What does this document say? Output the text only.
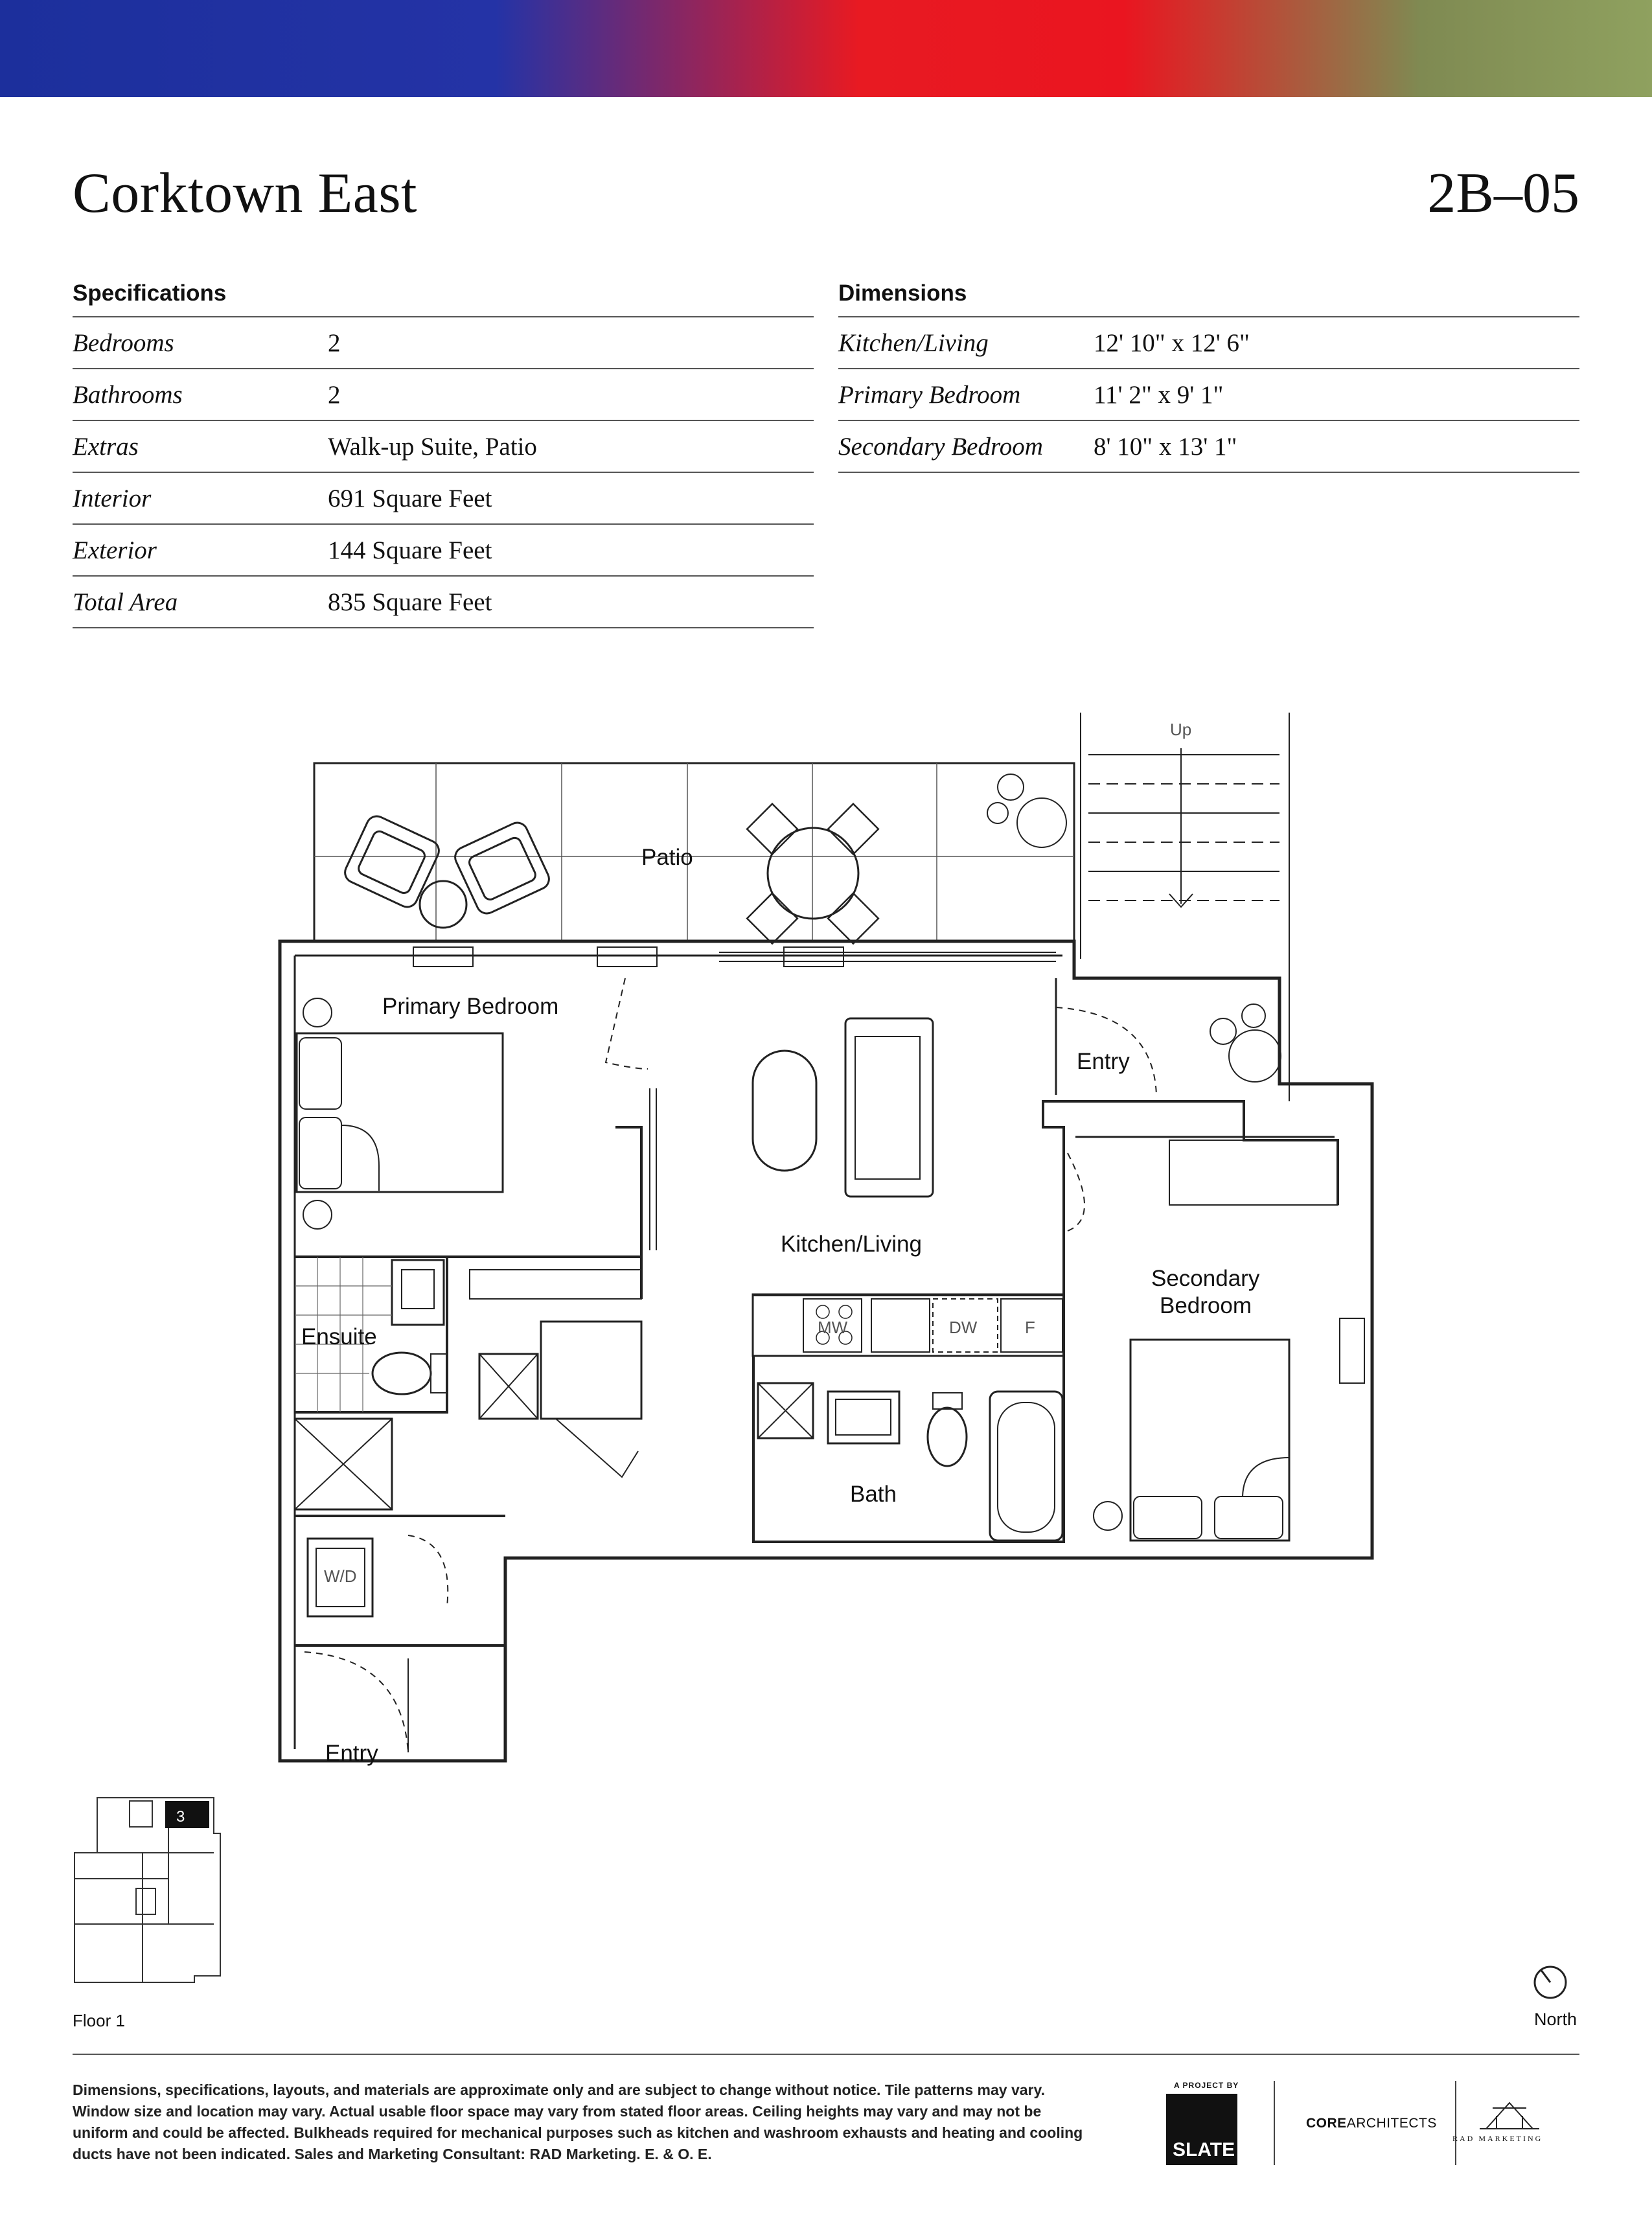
Corktown East	2B–05
Specifications
Bedrooms	2
Bathrooms	2
Extras	Walk-up Suite, Patio
Interior	691 Square Feet
Exterior	144 Square Feet
Total Area	835 Square Feet
Dimensions
Kitchen/Living	12' 10" x 12' 6"
Primary Bedroom	11' 2" x 9' 1"
Secondary Bedroom	8' 10" x 13' 1"
Patio
Up
Primary Bedroom
Entry
Kitchen/Living
Secondary
Bedroom
Ensuite
Bath
Entry
MW	DW	F
W/D
3
Floor 1	North
Dimensions, specifications, layouts, and materials are approximate only and are subject to change without notice. Tile patterns may vary. Window size and location may vary. Actual usable floor space may vary from stated floor areas. Ceiling heights may vary and may not be uniform and could be affected. Bulkheads required for mechanical purposes such as kitchen and washroom exhausts and heating and cooling ducts have not been indicated. Sales and Marketing Consultant: RAD Marketing. E. & O. E.
A PROJECT BY
SLATE
COREARCHITECTS
RAD MARKETING
